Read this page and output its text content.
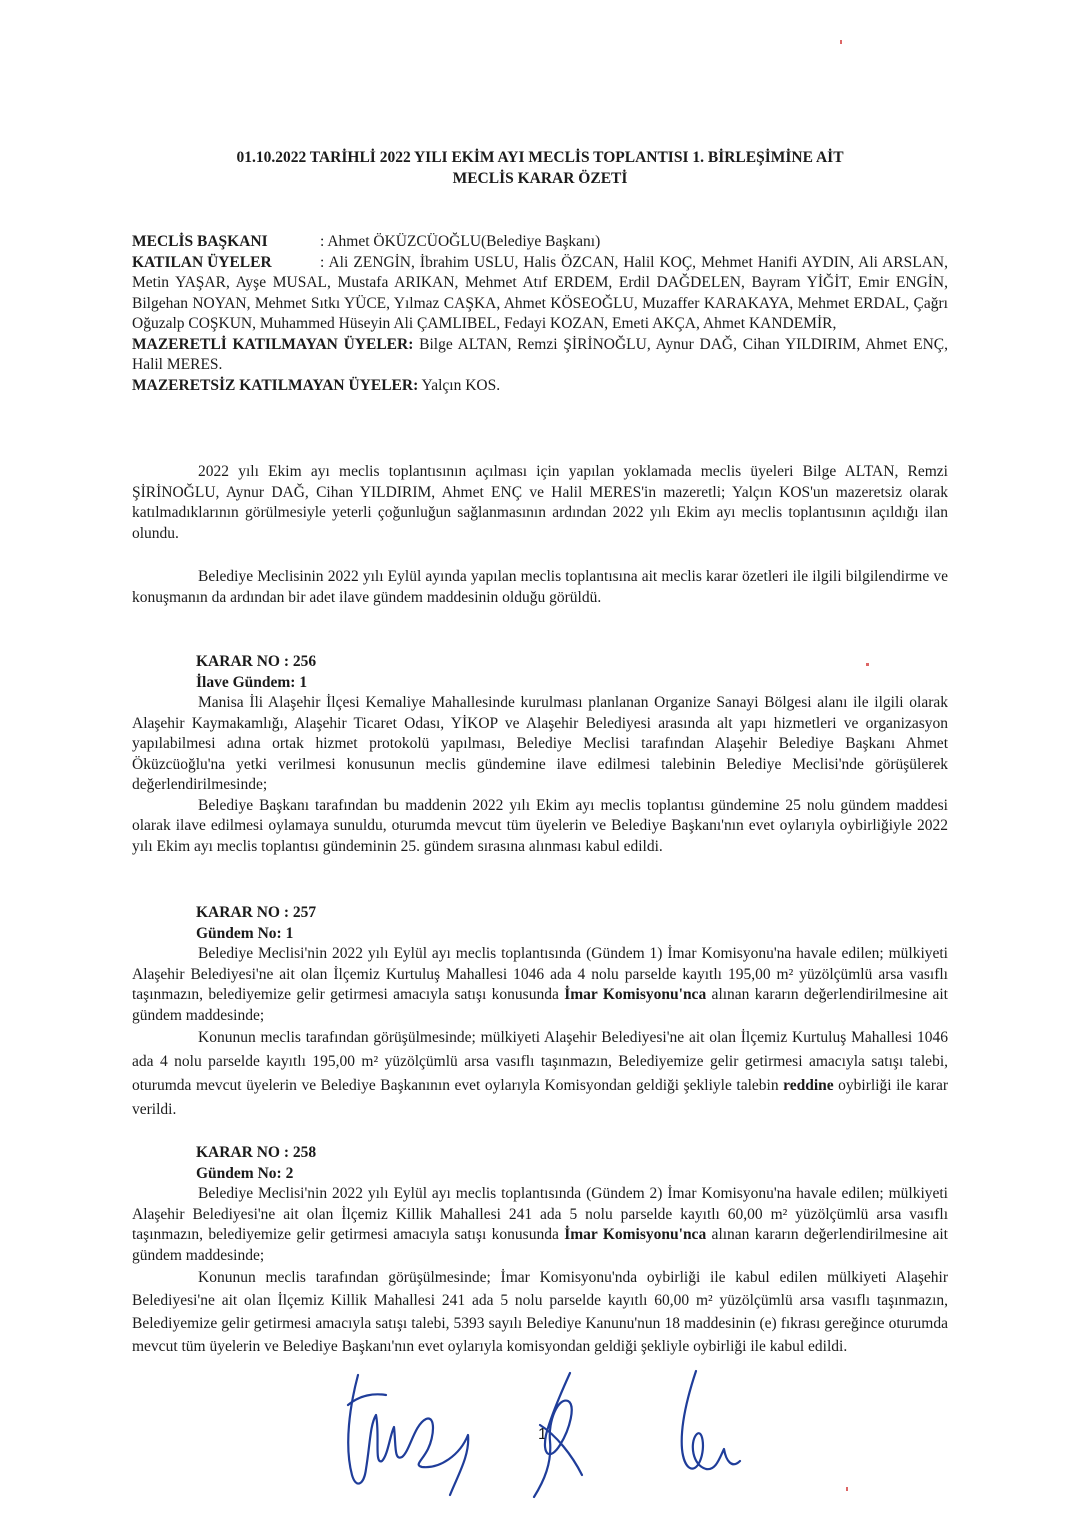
01.10.2022 TARİHLİ 2022 YILI EKİM AYI MECLİS TOPLANTISI 1. BİRLEŞİMİNE AİT
MECLİS KARAR ÖZETİ

MECLİS BAŞKANI	: Ahmet ÖKÜZCÜOĞLU(Belediye Başkanı)

KATILAN ÜYELER	: Ali ZENGİN, İbrahim USLU, Halis ÖZCAN, Halil KOÇ, Mehmet Hanifi AYDIN, Ali ARSLAN, Metin YAŞAR, Ayşe MUSAL, Mustafa ARIKAN, Mehmet Atıf ERDEM, Erdil DAĞDELEN, Bayram YİĞİT, Emir ENGİN, Bilgehan NOYAN, Mehmet Sıtkı YÜCE, Yılmaz CAŞKA, Ahmet KÖSEOĞLU, Muzaffer KARAKAYA, Mehmet ERDAL, Çağrı Oğuzalp COŞKUN, Muhammed Hüseyin Ali ÇAMLIBEL, Fedayi KOZAN, Emeti AKÇA, Ahmet KANDEMİR,

MAZERETLİ KATILMAYAN ÜYELER: Bilge ALTAN, Remzi ŞİRİNOĞLU, Aynur DAĞ, Cihan YILDIRIM, Ahmet ENÇ, Halil MERES.

MAZERETSİZ KATILMAYAN ÜYELER: Yalçın KOS.

2022 yılı Ekim ayı meclis toplantısının açılması için yapılan yoklamada meclis üyeleri Bilge ALTAN, Remzi ŞİRİNOĞLU, Aynur DAĞ, Cihan YILDIRIM, Ahmet ENÇ ve Halil MERES'in mazeretli; Yalçın KOS'un mazeretsiz olarak katılmadıklarının görülmesiyle yeterli çoğunluğun sağlanmasının ardından 2022 yılı Ekim ayı meclis toplantısının açıldığı ilan olundu.

Belediye Meclisinin 2022 yılı Eylül ayında yapılan meclis toplantısına ait meclis karar özetleri ile ilgili bilgilendirme ve konuşmanın da ardından bir adet ilave gündem maddesinin olduğu görüldü.

KARAR NO : 256

İlave Gündem: 1

Manisa İli Alaşehir İlçesi Kemaliye Mahallesinde kurulması planlanan Organize Sanayi Bölgesi alanı ile ilgili olarak Alaşehir Kaymakamlığı, Alaşehir Ticaret Odası, YİKOP ve Alaşehir Belediyesi arasında alt yapı hizmetleri ve organizasyon yapılabilmesi adına ortak hizmet protokolü yapılması, Belediye Meclisi tarafından Alaşehir Belediye Başkanı Ahmet Öküzcüoğlu'na yetki verilmesi konusunun meclis gündemine ilave edilmesi talebinin Belediye Meclisi'nde görüşülerek değerlendirilmesinde;

Belediye Başkanı tarafından bu maddenin 2022 yılı Ekim ayı meclis toplantısı gündemine 25 nolu gündem maddesi olarak ilave edilmesi oylamaya sunuldu, oturumda mevcut tüm üyelerin ve Belediye Başkanı'nın evet oylarıyla oybirliğiyle 2022 yılı Ekim ayı meclis toplantısı gündeminin 25. gündem sırasına alınması kabul edildi.

KARAR NO : 257

Gündem No: 1

Belediye Meclisi'nin 2022 yılı Eylül ayı meclis toplantısında (Gündem 1) İmar Komisyonu'na havale edilen; mülkiyeti Alaşehir Belediyesi'ne ait olan İlçemiz Kurtuluş Mahallesi 1046 ada 4 nolu parselde kayıtlı 195,00 m² yüzölçümlü arsa vasıflı taşınmazın, belediyemize gelir getirmesi amacıyla satışı konusunda İmar Komisyonu'nca alınan kararın değerlendirilmesine ait gündem maddesinde;

Konunun meclis tarafından görüşülmesinde; mülkiyeti Alaşehir Belediyesi'ne ait olan İlçemiz Kurtuluş Mahallesi 1046 ada 4 nolu parselde kayıtlı 195,00 m² yüzölçümlü arsa vasıflı taşınmazın, Belediyemize gelir getirmesi amacıyla satışı talebi, oturumda mevcut üyelerin ve Belediye Başkanının evet oylarıyla Komisyondan geldiği şekliyle talebin reddine oybirliği ile karar verildi.

KARAR NO : 258

Gündem No: 2

Belediye Meclisi'nin 2022 yılı Eylül ayı meclis toplantısında (Gündem 2) İmar Komisyonu'na havale edilen; mülkiyeti Alaşehir Belediyesi'ne ait olan İlçemiz Killik Mahallesi 241 ada 5 nolu parselde kayıtlı 60,00 m² yüzölçümlü arsa vasıflı taşınmazın, belediyemize gelir getirmesi amacıyla satışı konusunda İmar Komisyonu'nca alınan kararın değerlendirilmesine ait gündem maddesinde;

Konunun meclis tarafından görüşülmesinde; İmar Komisyonu'nda oybirliği ile kabul edilen mülkiyeti Alaşehir Belediyesi'ne ait olan İlçemiz Killik Mahallesi 241 ada 5 nolu parselde kayıtlı 60,00 m² yüzölçümlü arsa vasıflı taşınmazın, Belediyemize gelir getirmesi amacıyla satışı talebi, 5393 sayılı Belediye Kanunu'nun 18 maddesinin (e) fıkrası gereğince oturumda mevcut tüm üyelerin ve Belediye Başkanı'nın evet oylarıyla komisyondan geldiği şekliyle oybirliği ile kabul edildi.

1
